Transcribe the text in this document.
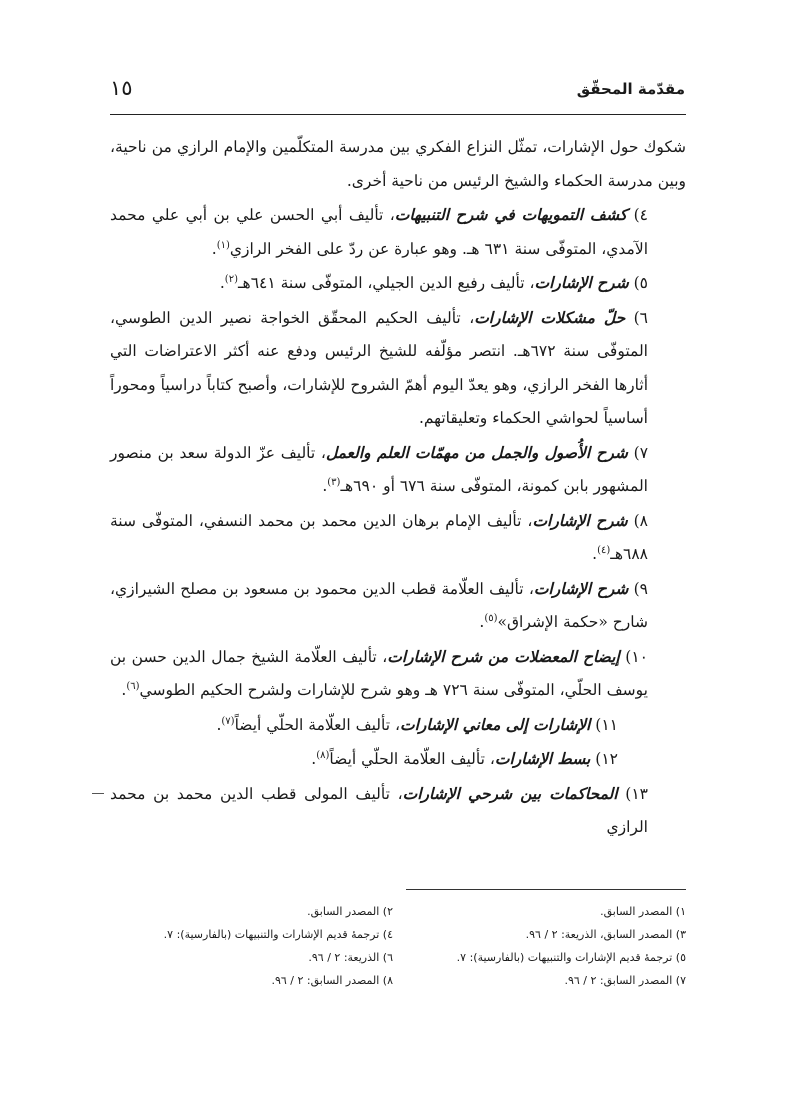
مقدّمة المحقّق
١٥

شكوك حول الإشارات، تمثّل النزاع الفكري بين مدرسة المتكلّمين والإمام الرازي من ناحية، وبين مدرسة الحكماء والشيخ الرئيس من ناحية أخرى.

٤) كشف التمويهات في شرح التنبيهات، تأليف أبي الحسن علي بن أبي علي محمد الآمدي، المتوفّى سنة ٦٣١ هـ. وهو عبارة عن ردّ على الفخر الرازي$^{(١)}$.

٥) شرح الإشارات، تأليف رفيع الدين الجيلي، المتوفّى سنة ٦٤١هـ$^{(٢)}$.

٦) حلّ مشكلات الإشارات، تأليف الحكيم المحقّق الخواجة نصير الدين الطوسي، المتوفّى سنة ٦٧٢هـ. انتصر مؤلّفه للشيخ الرئيس ودفع عنه أكثر الاعتراضات التي أثارها الفخر الرازي، وهو يعدّ اليوم أهمّ الشروح للإشارات، وأصبح كتاباً دراسياً ومحوراً أساسياً لحواشي الحكماء وتعليقاتهم.

٧) شرح الأُصول والجمل من مهمّات العلم والعمل، تأليف عزّ الدولة سعد بن منصور المشهور بابن كمونة، المتوفّى سنة ٦٧٦ أو ٦٩٠هـ$^{(٣)}$.

٨) شرح الإشارات، تأليف الإمام برهان الدين محمد بن محمد النسفي، المتوفّى سنة ٦٨٨هـ$^{(٤)}$.

٩) شرح الإشارات، تأليف العلّامة قطب الدين محمود بن مسعود بن مصلح الشيرازي، شارح «حكمة الإشراق»$^{(٥)}$.

١٠) إيضاح المعضلات من شرح الإشارات، تأليف العلّامة الشيخ جمال الدين حسن بن يوسف الحلّي، المتوفّى سنة ٧٢٦ هـ وهو شرح للإشارات ولشرح الحكيم الطوسي$^{(٦)}$.

١١) الإشارات إلى معاني الإشارات، تأليف العلّامة الحلّي أيضاً$^{(٧)}$.

١٢) بسط الإشارات، تأليف العلّامة الحلّي أيضاً$^{(٨)}$.

١٣) المحاكمات بين شرحي الإشارات، تأليف المولى قطب الدين محمد بن محمد الرازي

١) المصدر السابق.
٢) المصدر السابق.
٣) المصدر السابق، الذريعة: ٢ / ٩٦.
٤) ترجمهٔ قديم الإشارات والتنبيهات (بالفارسية): ٧.
٥) ترجمهٔ قديم الإشارات والتنبيهات (بالفارسية): ٧.
٦) الذريعة: ٢ / ٩٦.
٧) المصدر السابق: ٢ / ٩٦.
٨) المصدر السابق: ٢ / ٩٦.
